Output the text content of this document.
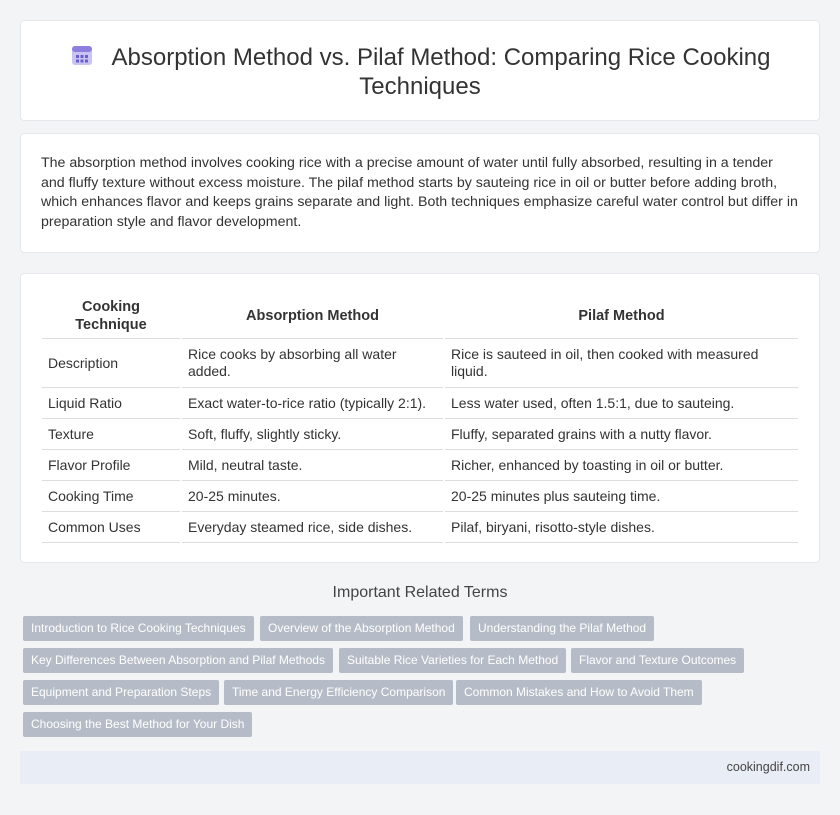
Absorption Method vs. Pilaf Method: Comparing Rice Cooking Techniques

The absorption method involves cooking rice with a precise amount of water until fully absorbed, resulting in a tender and fluffy texture without excess moisture. The pilaf method starts by sauteing rice in oil or butter before adding broth, which enhances flavor and keeps grains separate and light. Both techniques emphasize careful water control but differ in preparation style and flavor development.

Cooking Technique	Absorption Method	Pilaf Method
Description	Rice cooks by absorbing all water added.	Rice is sauteed in oil, then cooked with measured liquid.
Liquid Ratio	Exact water-to-rice ratio (typically 2:1).	Less water used, often 1.5:1, due to sauteing.
Texture	Soft, fluffy, slightly sticky.	Fluffy, separated grains with a nutty flavor.
Flavor Profile	Mild, neutral taste.	Richer, enhanced by toasting in oil or butter.
Cooking Time	20-25 minutes.	20-25 minutes plus sauteing time.
Common Uses	Everyday steamed rice, side dishes.	Pilaf, biryani, risotto-style dishes.
Important Related Terms
Introduction to Rice Cooking Techniques	Overview of the Absorption Method	Understanding the Pilaf Method
Key Differences Between Absorption and Pilaf Methods	Suitable Rice Varieties for Each Method	Flavor and Texture Outcomes
Equipment and Preparation Steps	Time and Energy Efficiency Comparison	Common Mistakes and How to Avoid Them
Choosing the Best Method for Your Dish
cookingdif.com
